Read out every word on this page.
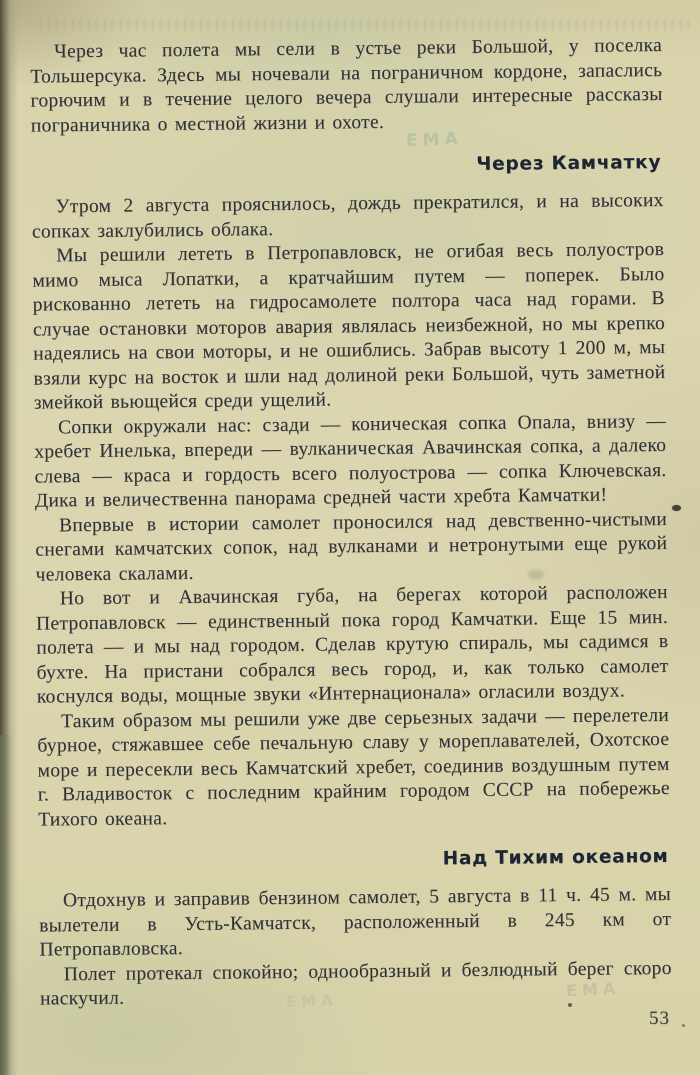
Через час полета мы сели в устье реки Большой, у поселка Тольшерсука. Здесь мы ночевали на пограничном кордоне, запаслись горючим и в течение целого вечера слушали интересные рассказы пограничника о местной жизни и охоте.

Через Камчатку

Утром 2 августа прояснилось, дождь прекратился, и на высоких сопках заклубились облака.

Мы решили лететь в Петропавловск, не огибая весь полуостров мимо мыса Лопатки, а кратчайшим путем — поперек. Было рискованно лететь на гидросамолете полтора часа над горами. В случае остановки моторов авария являлась неизбежной, но мы крепко надеялись на свои моторы, и не ошиблись. Забрав высоту 1 200 м, мы взяли курс на восток и шли над долиной реки Большой, чуть заметной змейкой вьющейся среди ущелий.

Сопки окружали нас: сзади — коническая сопка Опала, внизу — хребет Инелька, впереди — вулканическая Авачинская сопка, а далеко слева — краса и гордость всего полуострова — сопка Ключевская. Дика и величественна панорама средней части хребта Камчатки!

Впервые в истории самолет проносился над девственно-чистыми снегами камчатских сопок, над вулканами и нетронутыми еще рукой человека скалами.

Но вот и Авачинская губа, на берегах которой расположен Петропавловск — единственный пока город Камчатки. Еще 15 мин. полета — и мы над городом. Сделав крутую спираль, мы садимся в бухте. На пристани собрался весь город, и, как только самолет коснулся воды, мощные звуки «Интернационала» огласили воздух.

Таким образом мы решили уже две серьезных задачи — перелетели бурное, стяжавшее себе печальную славу у мореплавателей, Охотское море и пересекли весь Камчатский хребет, соединив воздушным путем г. Владивосток с последним крайним городом СССР на побережье Тихого океана.

Над Тихим океаном

Отдохнув и заправив бензином самолет, 5 августа в 11 ч. 45 м. мы вылетели в Усть-Камчатск, расположенный в 245 км от Петропавловска.

Полет протекал спокойно; однообразный и безлюдный берег скоро наскучил.

ЕМА
ЕМА
ЕМА
53
